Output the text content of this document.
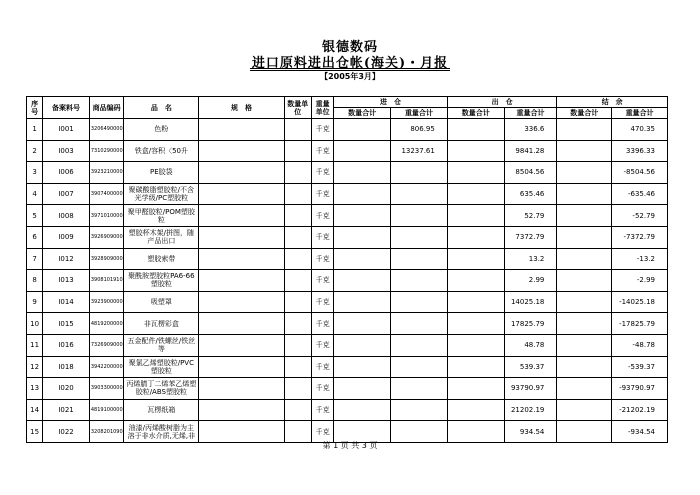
银德数码
进口原料进出仓帐(海关)・月报
【2005年3月】
序号	备案料号	商品编码	品　名	规　格	数量单位	重量单位	进　仓		出　仓		结　余	
							数量合计	重量合计	数量合计	重量合计	数量合计	重量合计
1	I001	3206490000	色粉			千克		806.95		336.6		470.35
2	I003	7310290000	铁盒/容积〈50升			千克		13237.61		9841.28		3396.33
3	I006	3923210000	PE胶袋			千克				8504.56		-8504.56
4	I007	3907400000	聚碳酸脂塑胶粒/不含光学级/PC塑胶粒			千克				635.46		-635.46
5	I008	3971010000	聚甲醛胶粒/POM塑胶粒			千克				52.79		-52.79
6	I009	3926909000	塑胶杯木架/拼图，随产品出口			千克				7372.79		-7372.79
7	I012	3928909000	塑胶索带			千克				13.2		-13.2
8	I013	3908101910	聚酰胺塑胶粒PA6-66塑胶粒			千克				2.99		-2.99
9	I014	3923900000	吸塑罩			千克				14025.18		-14025.18
10	I015	4819200000	非瓦楞彩盒			千克				17825.79		-17825.79
11	I016	7326909000	五金配件/铁螺丝/铁丝等			千克				48.78		-48.78
12	I018	3942200000	聚氯乙烯塑胶粒/PVC塑胶粒			千克				539.37		-539.37
13	I020	3903300000	丙烯腈丁二烯苯乙烯塑胶粒/ABS塑胶粒			千克				93790.97		-93790.97
14	I021	4819100000	瓦楞纸箱			千克				21202.19		-21202.19
15	I022	3208201090	油漆/丙烯酸树脂为主溶于非水介质,无烯,非			千克				934.54		-934.54
第 1 页 共 3 页
